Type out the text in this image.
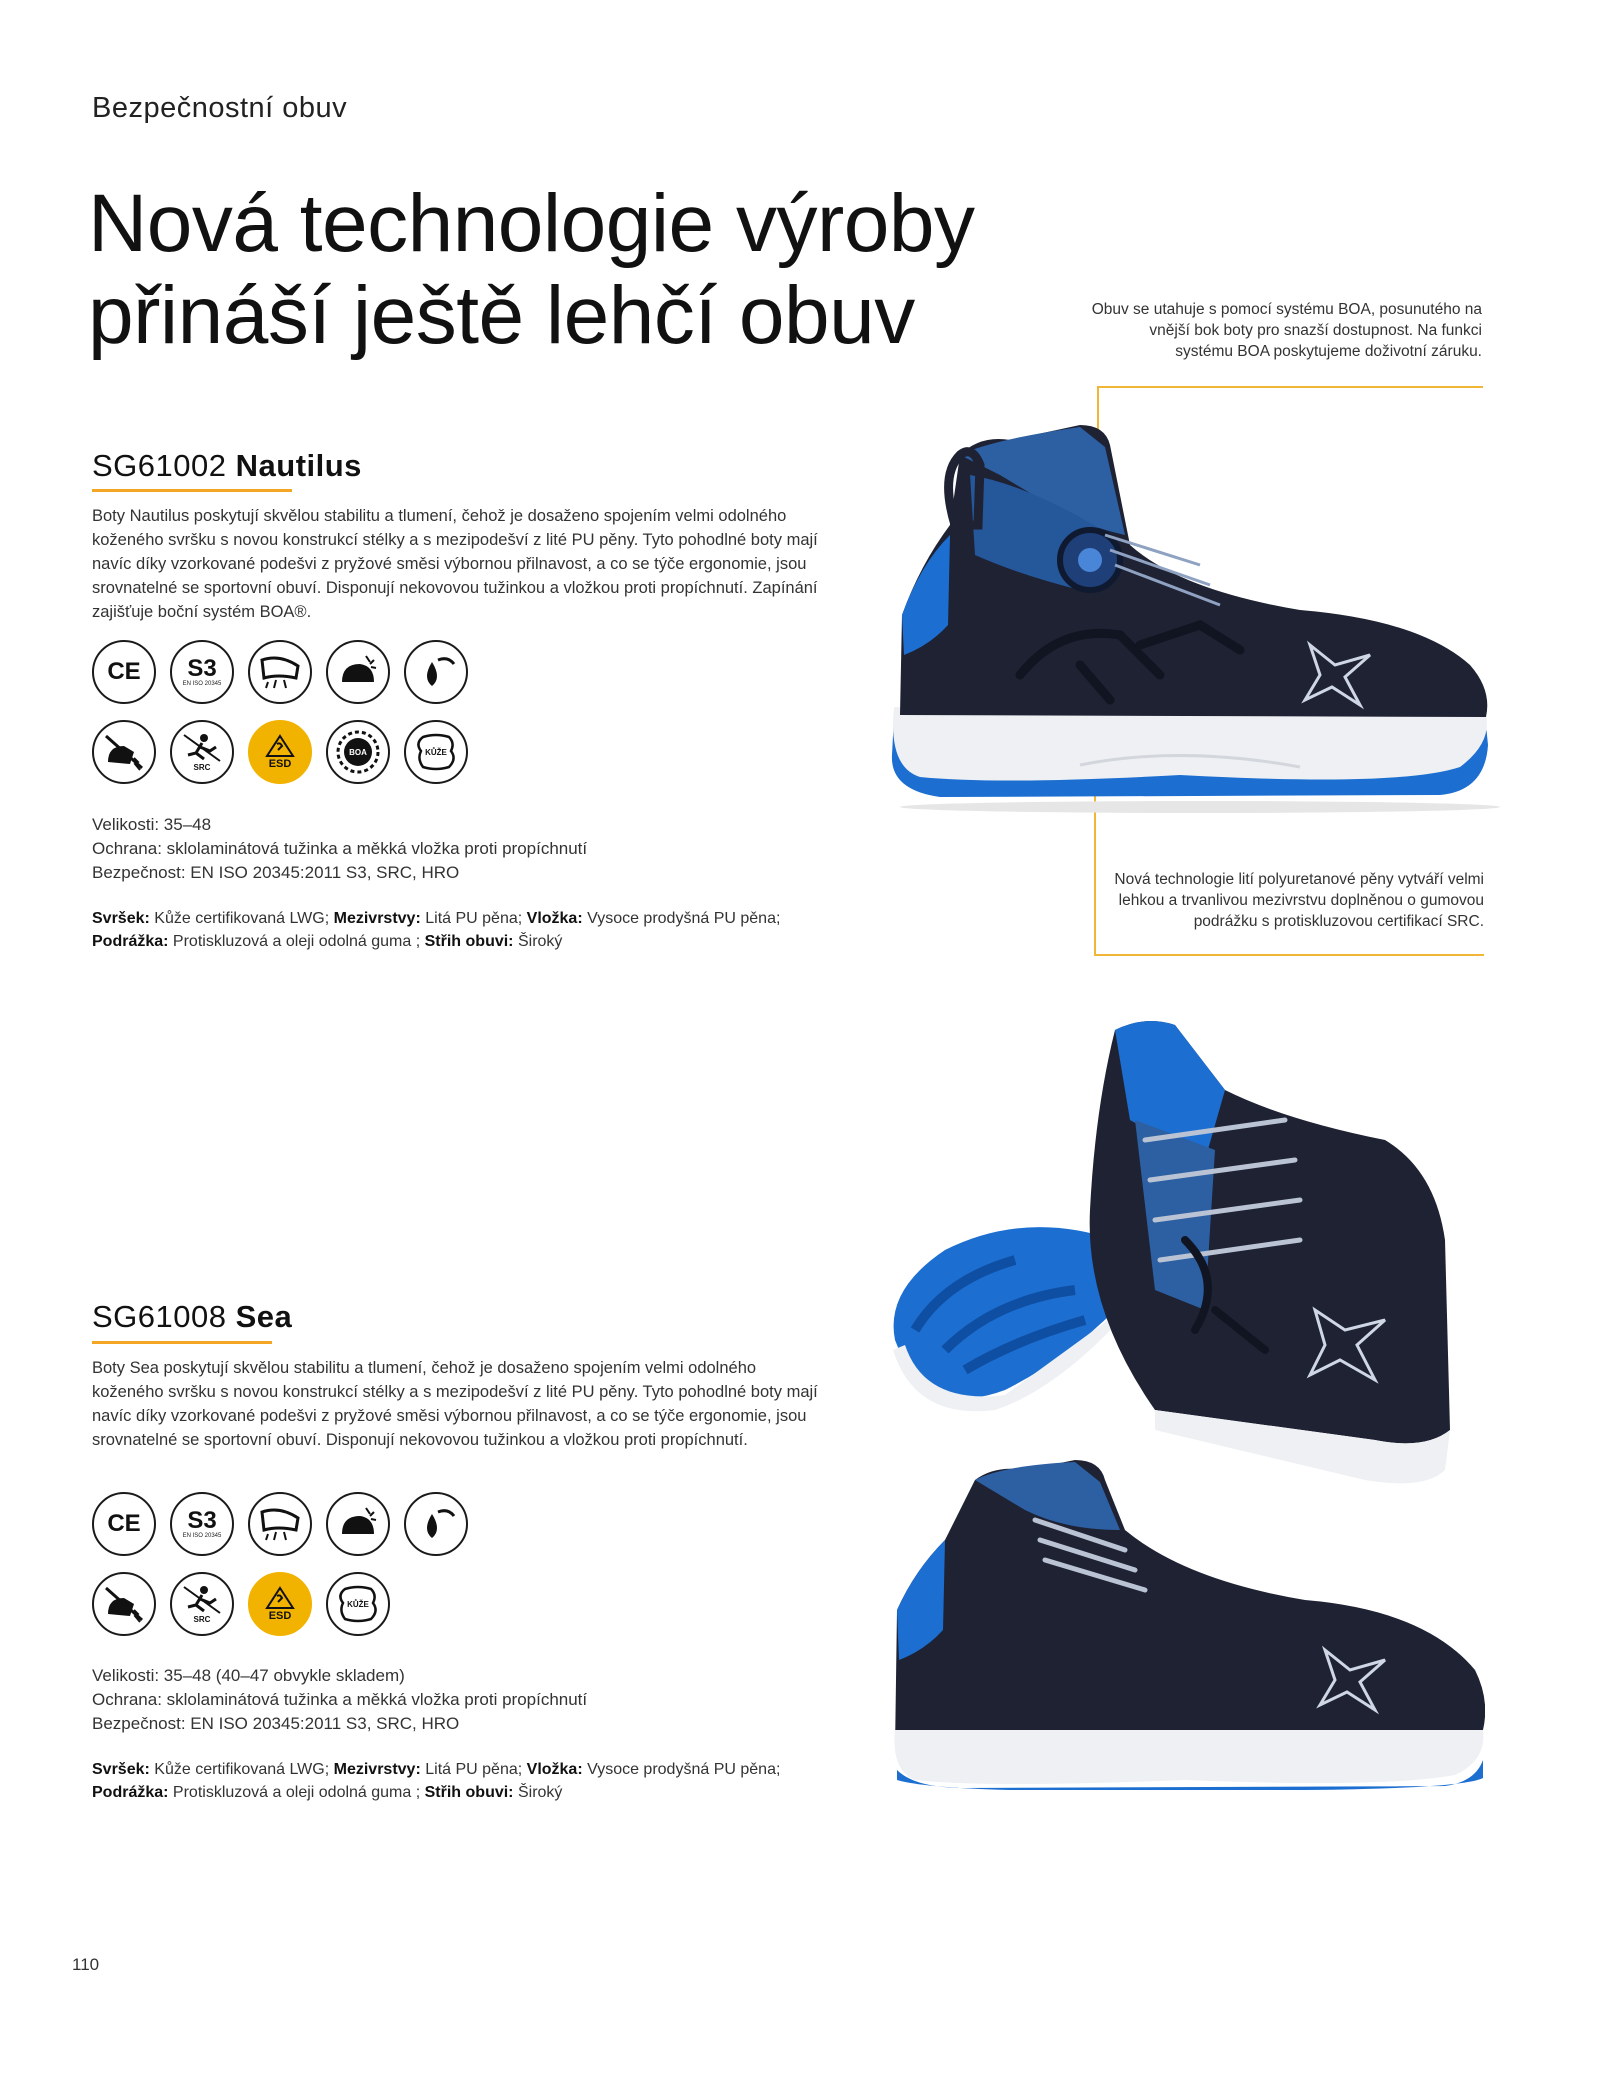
Bezpečnostní obuv
Nová technologie výroby
přináší ještě lehčí obuv	Obuv se utahuje s pomocí systému BOA, posunutého na vnější bok boty pro snazší dostupnost. Na funkci systému BOA poskytujeme doživotní záruku.
Nová technologie lití polyuretanové pěny vytváří velmi lehkou a trvanlivou mezivrstvu doplněnou o gumovou podrážku s protiskluzovou certifikací SRC.
SG61002 Nautilus
Boty Nautilus poskytují skvělou stabilitu a tlumení, čehož je dosaženo spojením velmi odolného koženého svršku s novou konstrukcí stélky a s mezipodešví z lité PU pěny. Tyto pohodlné boty mají navíc díky vzorkované podešvi z pryžové směsi výbornou přilnavost, a co se týče ergonomie, jsou srovnatelné se sportovní obuví. Disponují nekovovou tužinkou a vložkou proti propíchnutí. Zapínání zajišťuje boční systém BOA®.
CE S3
EN ISO 20345
SRC	ESD
BOA	KŮŽE
Velikosti: 35–48
Ochrana: sklolaminátová tužinka a měkká vložka proti propíchnutí
Bezpečnost: EN ISO 20345:2011 S3, SRC, HRO
Svršek: Kůže certifikovaná LWG; Mezivrstvy: Litá PU pěna; Vložka: Vysoce prodyšná PU pěna; Podrážka: Protiskluzová a oleji odolná guma ; Střih obuvi: Široký
SG61008 Sea
Boty Sea poskytují skvělou stabilitu a tlumení, čehož je dosaženo spojením velmi odolného koženého svršku s novou konstrukcí stélky a s mezipodešví z lité PU pěny. Tyto pohodlné boty mají navíc díky vzorkované podešvi z pryžové směsi výbornou přilnavost, a co se týče ergonomie, jsou srovnatelné se sportovní obuví. Disponují nekovovou tužinkou a vložkou proti propíchnutí.
CE S3
EN ISO 20345
SRC	ESD
KŮŽE
Velikosti: 35–48 (40–47 obvykle skladem)
Ochrana: sklolaminátová tužinka a měkká vložka proti propíchnutí
Bezpečnost: EN ISO 20345:2011 S3, SRC, HRO
Svršek: Kůže certifikovaná LWG; Mezivrstvy: Litá PU pěna; Vložka: Vysoce prodyšná PU pěna; Podrážka: Protiskluzová a oleji odolná guma ; Střih obuvi: Široký
110
